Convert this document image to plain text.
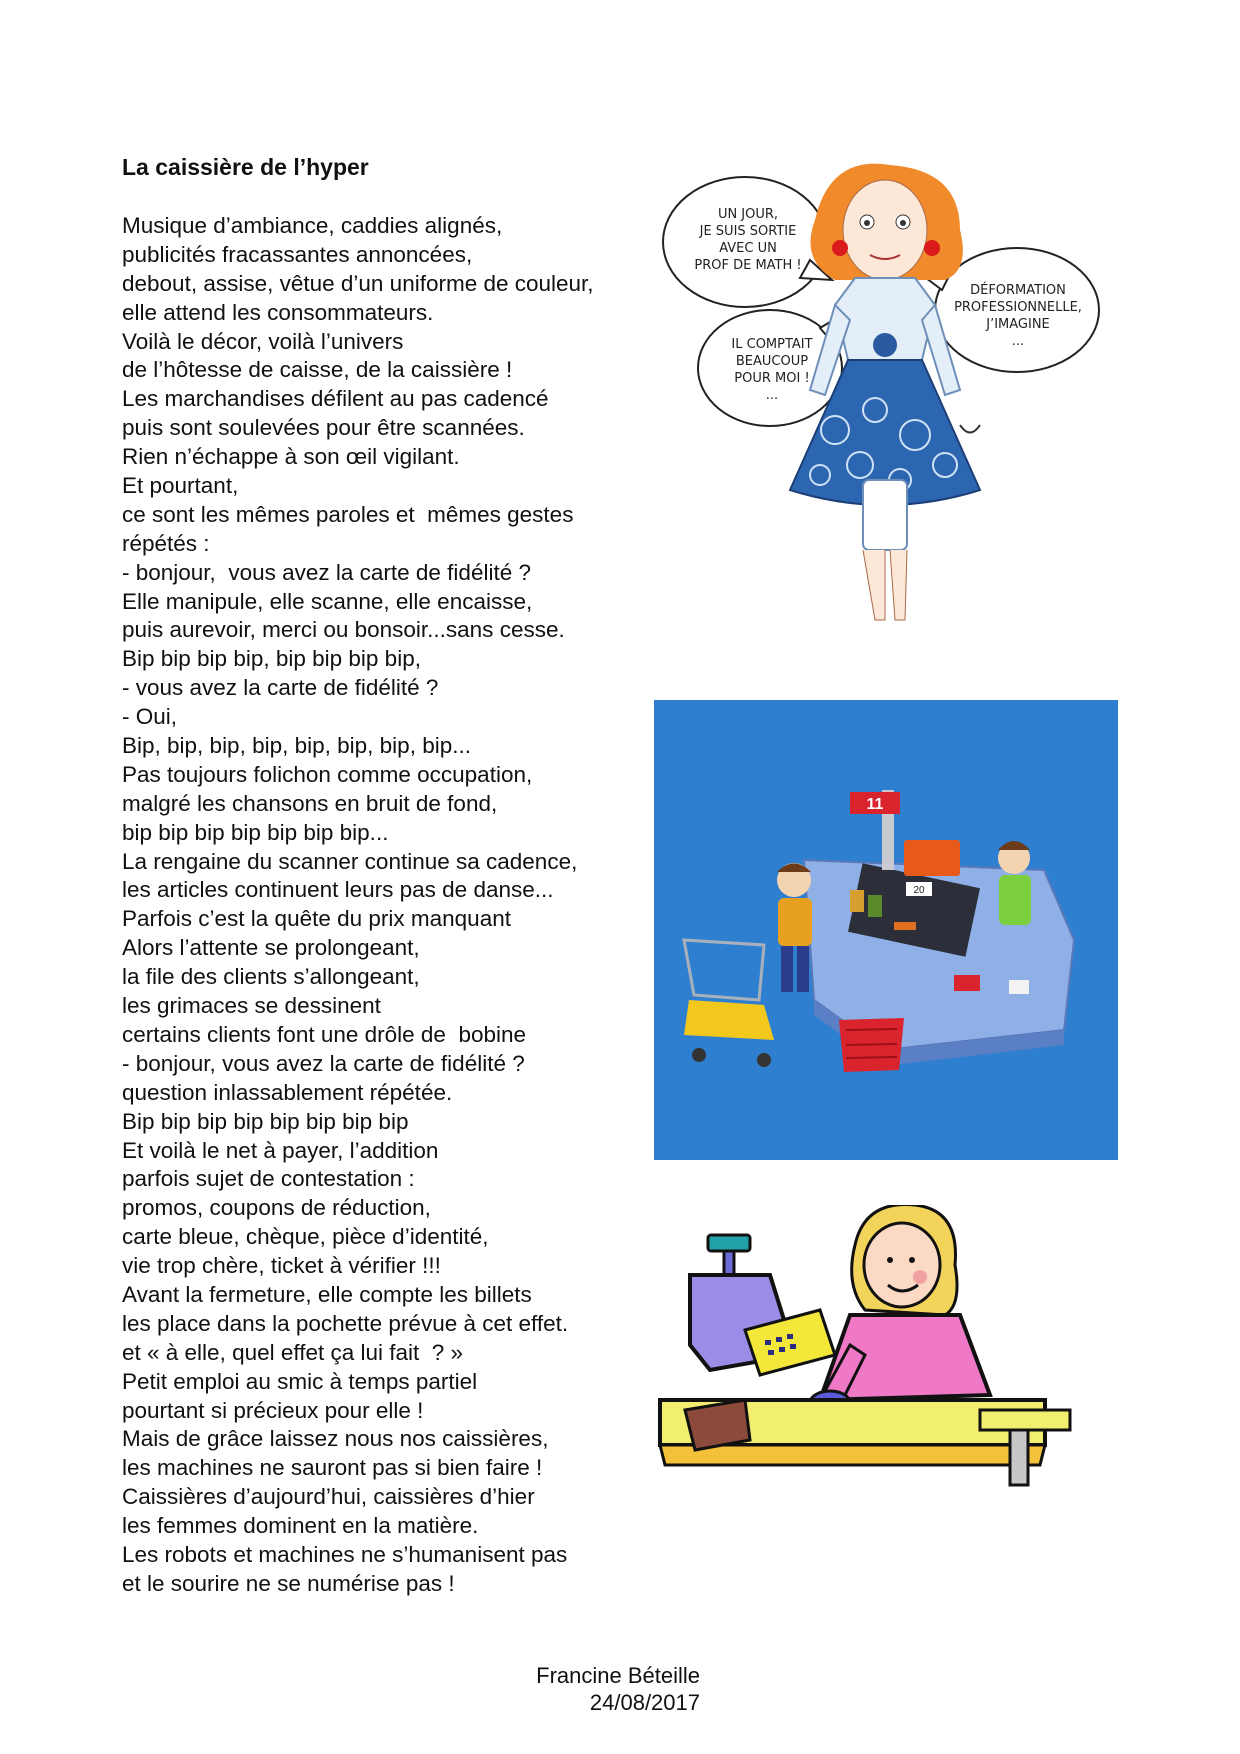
La caissière de l’hyper
Musique d’ambiance, caddies alignés,
publicités fracassantes annoncées,
debout, assise, vêtue d’un uniforme de couleur,
elle attend les consommateurs.
Voilà le décor, voilà l’univers
de l’hôtesse de caisse, de la caissière !
Les marchandises défilent au pas cadencé
puis sont soulevées pour être scannées.
Rien n’échappe à son œil vigilant.
Et pourtant,
ce sont les mêmes paroles et  mêmes gestes
répétés :
- bonjour,  vous avez la carte de fidélité ?
Elle manipule, elle scanne, elle encaisse,
puis aurevoir, merci ou bonsoir...sans cesse.
Bip bip bip bip, bip bip bip bip,
- vous avez la carte de fidélité ?
- Oui,
Bip, bip, bip, bip, bip, bip, bip, bip...
Pas toujours folichon comme occupation,
malgré les chansons en bruit de fond,
bip bip bip bip bip bip bip...
La rengaine du scanner continue sa cadence,
les articles continuent leurs pas de danse...
Parfois c’est la quête du prix manquant
Alors l’attente se prolongeant,
la file des clients s’allongeant,
les grimaces se dessinent
certains clients font une drôle de  bobine
- bonjour, vous avez la carte de fidélité ?
question inlassablement répétée.
Bip bip bip bip bip bip bip bip
Et voilà le net à payer, l’addition
parfois sujet de contestation :
promos, coupons de réduction,
carte bleue, chèque, pièce d’identité,
vie trop chère, ticket à vérifier !!!
Avant la fermeture, elle compte les billets
les place dans la pochette prévue à cet effet.
et « à elle, quel effet ça lui fait  ? »
Petit emploi au smic à temps partiel
pourtant si précieux pour elle !
Mais de grâce laissez nous nos caissières,
les machines ne sauront pas si bien faire !
Caissières d’aujourd’hui, caissières d’hier
les femmes dominent en la matière.
Les robots et machines ne s’humanisent pas
et le sourire ne se numérise pas !
UN JOUR,
JE SUIS SORTIE
AVEC UN
PROF DE MATH !
IL COMPTAIT
BEAUCOUP
POUR MOI !
...
DÉFORMATION
PROFESSIONNELLE,
J’IMAGINE
...
11
20
Francine Béteille
24/08/2017
